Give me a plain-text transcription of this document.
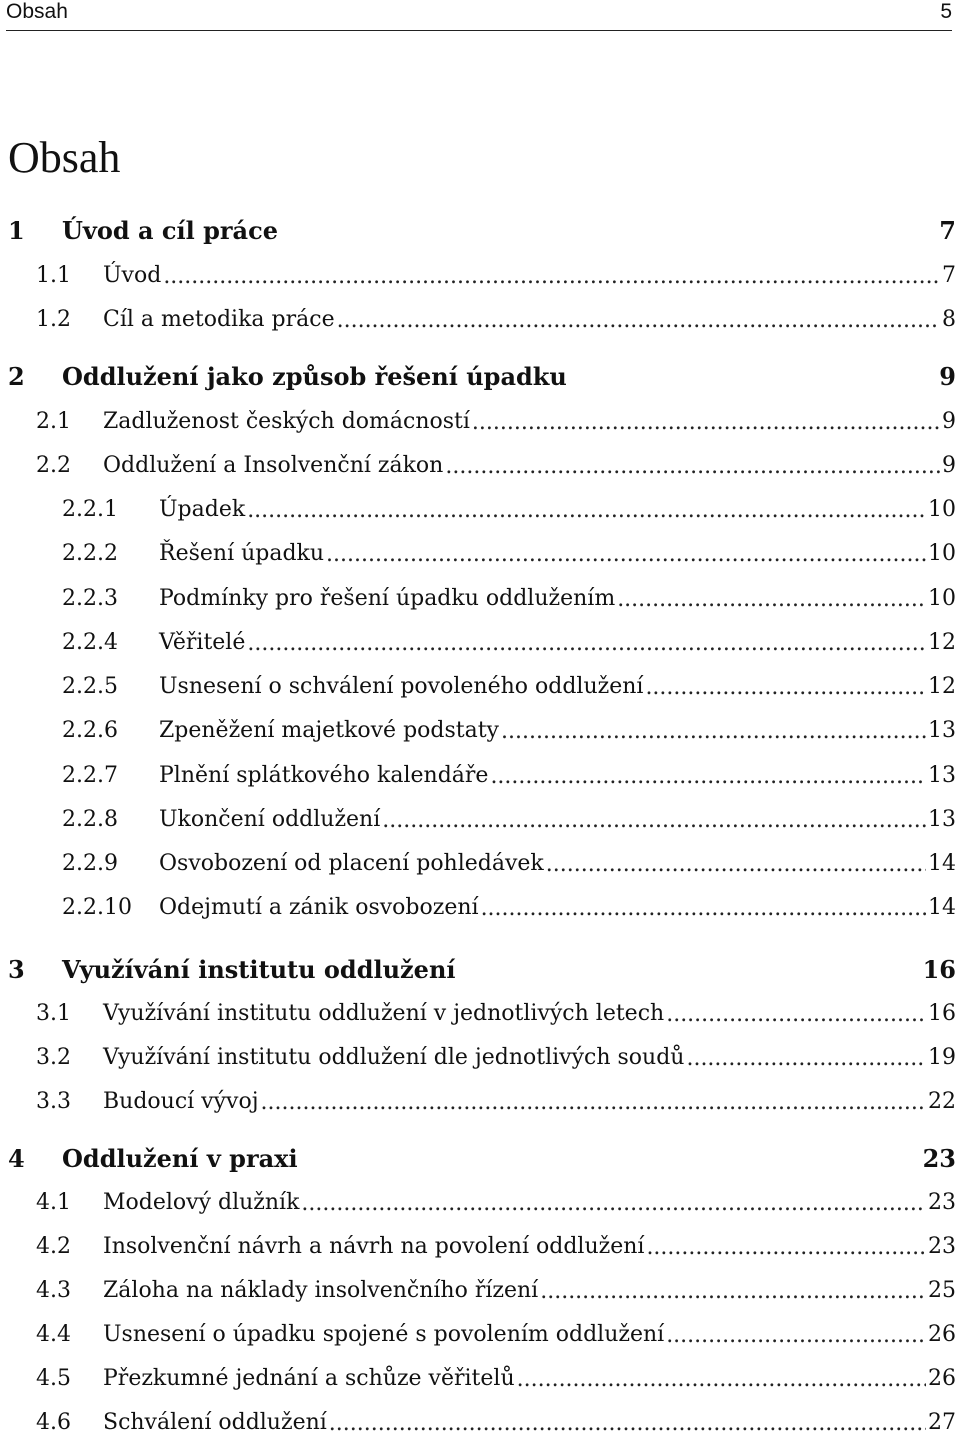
Obsah	5
Obsah
1	Úvod a cíl práce	7
1.1	Úvod .....	7
1.2	Cíl a metodika práce .....	8
2	Oddlužení jako způsob řešení úpadku	9
2.1	Zadluženost českých domácností .....	9
2.2	Oddlužení a Insolvenční zákon .....	9
2.2.1	Úpadek .....	10
2.2.2	Řešení úpadku .....	10
2.2.3	Podmínky pro řešení úpadku oddlužením .....	10
2.2.4	Věřitelé .....	12
2.2.5	Usnesení o schválení povoleného oddlužení .....	12
2.2.6	Zpeněžení majetkové podstaty .....	13
2.2.7	Plnění splátkového kalendáře .....	13
2.2.8	Ukončení oddlužení .....	13
2.2.9	Osvobození od placení pohledávek .....	14
2.2.10	Odejmutí a zánik osvobození .....	14
3	Využívání institutu oddlužení	16
3.1	Využívání institutu oddlužení v jednotlivých letech .....	16
3.2	Využívání institutu oddlužení dle jednotlivých soudů .....	19
3.3	Budoucí vývoj .....	22
4	Oddlužení v praxi	23
4.1	Modelový dlužník .....	23
4.2	Insolvenční návrh a návrh na povolení oddlužení .....	23
4.3	Záloha na náklady insolvenčního řízení .....	25
4.4	Usnesení o úpadku spojené s povolením oddlužení .....	26
4.5	Přezkumné jednání a schůze věřitelů .....	26
4.6	Schválení oddlužení .....	27
